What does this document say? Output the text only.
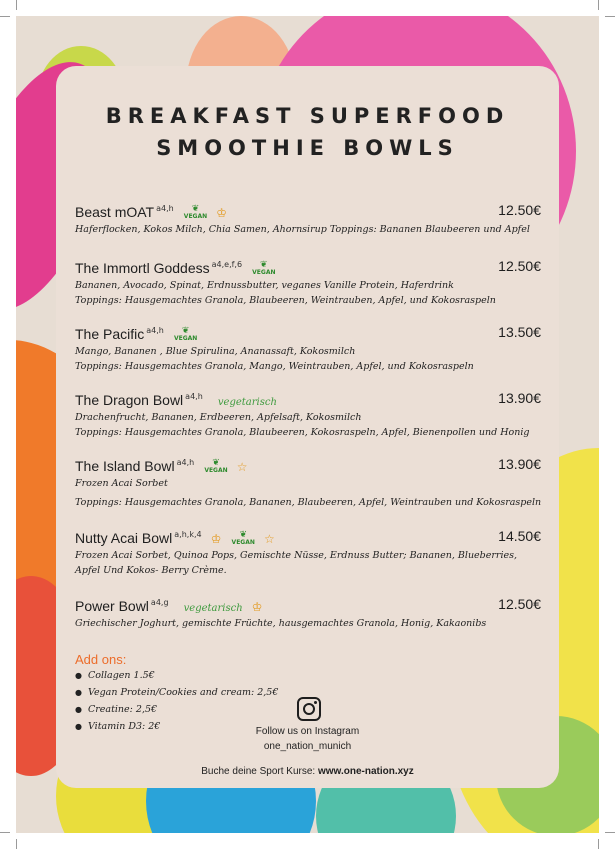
BREAKFAST SUPERFOOD
SMOOTHIE BOWLS
Beast mOAT $^{a4,h}$	❦
VEGAN ♔	12.50€
Haferflocken, Kokos Milch, Chia Samen, Ahornsirup Toppings: Bananen Blaubeeren und Apfel
The Immortl Goddess $^{a4,e,f,6}$	❦
VEGAN	12.50€
Bananen, Avocado, Spinat, Erdnussbutter, veganes Vanille Protein, Haferdrink
Toppings: Hausgemachtes Granola, Blaubeeren, Weintrauben, Apfel, und Kokosraspeln
The Pacific $^{a4,h}$	❦
VEGAN	13.50€
Mango, Bananen , Blue Spirulina, Ananassaft, Kokosmilch
Toppings: Hausgemachtes Granola, Mango, Weintrauben, Apfel, und Kokosraspeln
The Dragon Bowl $^{a4,h}$ vegetarisch	13.90€
Drachenfrucht, Bananen, Erdbeeren, Apfelsaft, Kokosmilch
Toppings: Hausgemachtes Granola, Blaubeeren, Kokosraspeln, Apfel, Bienenpollen und Honig
The Island Bowl $^{a4,h}$	❦
VEGAN ☆	13.90€
Frozen Acai Sorbet
Toppings: Hausgemachtes Granola, Bananen, Blaubeeren, Apfel, Weintrauben und Kokosraspeln
Nutty Acai Bowl $^{a,h,k,4}$ ♔	❦
VEGAN ☆	14.50€
Frozen Acai Sorbet, Quinoa Pops, Gemischte Nüsse, Erdnuss Butter; Bananen, Blueberries,
Apfel Und Kokos- Berry Crème.
Power Bowl $^{a4,g}$ vegetarisch ♔	12.50€
Griechischer Joghurt, gemischte Früchte, hausgemachtes Granola, Honig, Kakaonibs
Add ons:
● Collagen 1.5€
● Vegan Protein/Cookies and cream: 2,5€
● Creatine: 2,5€
● Vitamin D3: 2€	Follow us on Instagram
one_nation_munich
Buche deine Sport Kurse: www.one-nation.xyz
